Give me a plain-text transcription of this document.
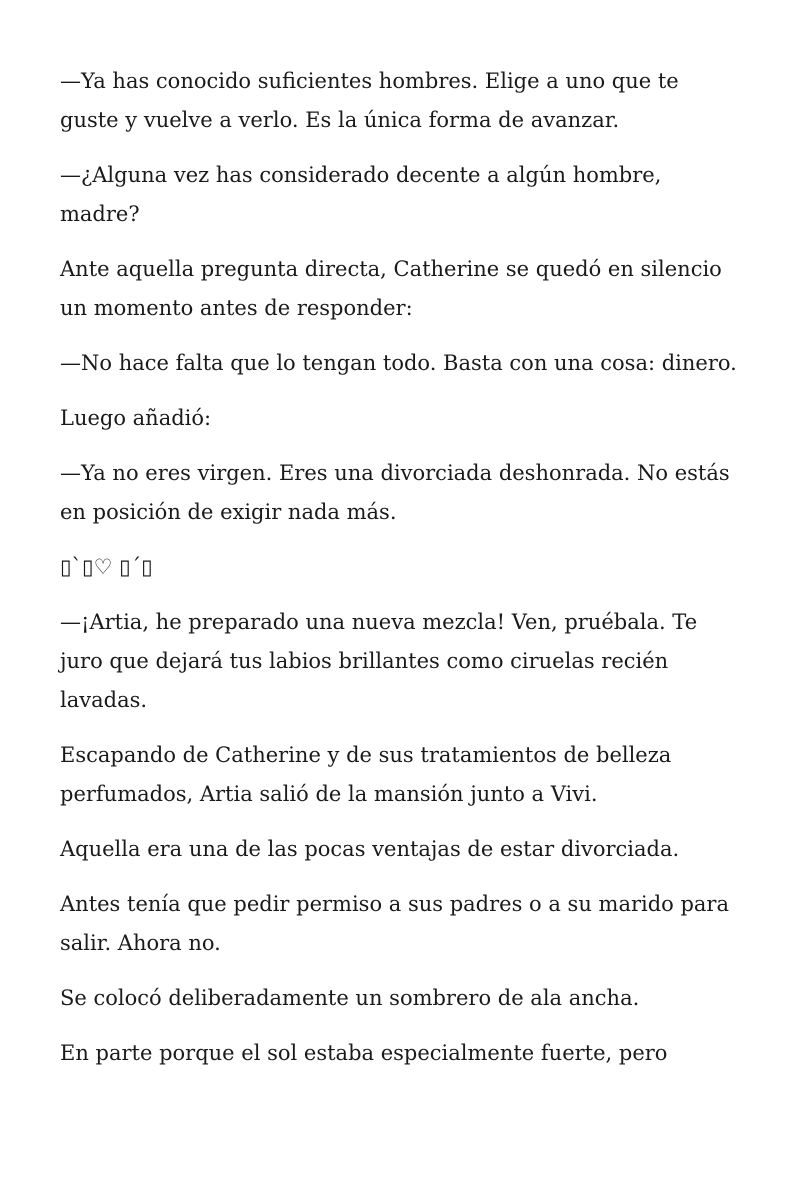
—Ya has conocido suficientes hombres. Elige a uno que te guste y vuelve a verlo. Es la única forma de avanzar.

—¿Alguna vez has considerado decente a algún hombre, madre?

Ante aquella pregunta directa, Catherine se quedó en silencio un momento antes de responder:

—No hace falta que lo tengan todo. Basta con una cosa: dinero.

Luego añadió:

—Ya no eres virgen. Eres una divorciada deshonrada. No estás en posición de exigir nada más.

▯`▯♡ ▯´▯

—¡Artia, he preparado una nueva mezcla! Ven, pruébala. Te juro que dejará tus labios brillantes como ciruelas recién lavadas.

Escapando de Catherine y de sus tratamientos de belleza perfumados, Artia salió de la mansión junto a Vivi.

Aquella era una de las pocas ventajas de estar divorciada.

Antes tenía que pedir permiso a sus padres o a su marido para salir. Ahora no.

Se colocó deliberadamente un sombrero de ala ancha.

En parte porque el sol estaba especialmente fuerte, pero
